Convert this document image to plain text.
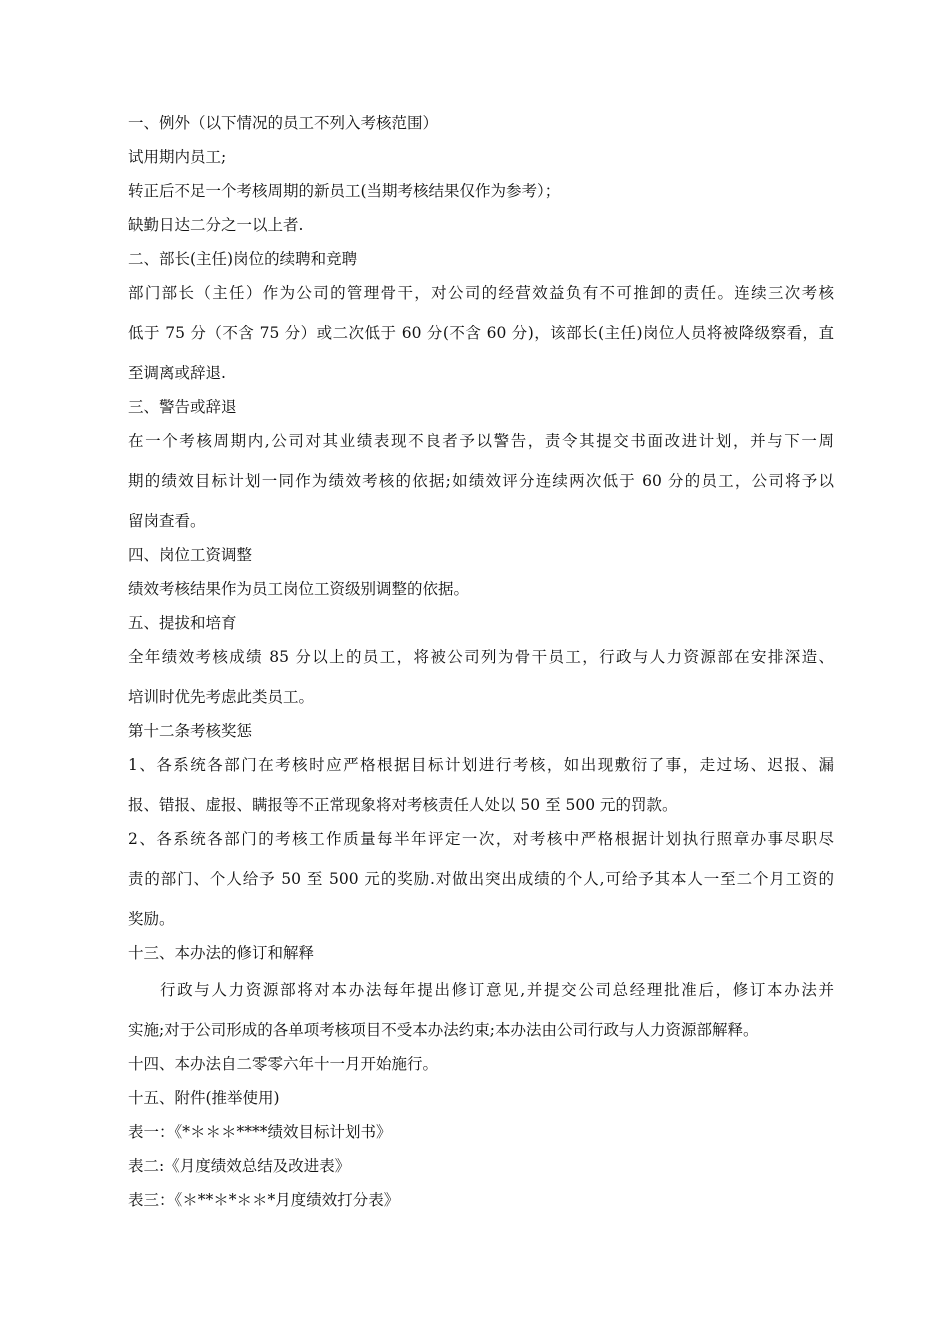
一、例外（以下情况的员工不列入考核范围）
试用期内员工;
转正后不足一个考核周期的新员工(当期考核结果仅作为参考）；
缺勤日达二分之一以上者.
二、部长(主任)岗位的续聘和竞聘
部门部长（主任）作为公司的管理骨干，对公司的经营效益负有不可推卸的责任。连续三次考核
低于 75 分（不含 75 分）或二次低于 60 分(不含 60 分)，该部长(主任)岗位人员将被降级察看，直
至调离或辞退.
三、警告或辞退
在一个考核周期内,公司对其业绩表现不良者予以警告，责令其提交书面改进计划，并与下一周
期的绩效目标计划一同作为绩效考核的依据;如绩效评分连续两次低于 60 分的员工，公司将予以
留岗查看。
四、岗位工资调整
绩效考核结果作为员工岗位工资级别调整的依据。
五、提拔和培育
全年绩效考核成绩 85 分以上的员工，将被公司列为骨干员工，行政与人力资源部在安排深造、
培训时优先考虑此类员工。
第十二条考核奖惩
1、各系统各部门在考核时应严格根据目标计划进行考核，如出现敷衍了事，走过场、迟报、漏
报、错报、虚报、瞒报等不正常现象将对考核责任人处以 50 至 500 元的罚款。
2、各系统各部门的考核工作质量每半年评定一次，对考核中严格根据计划执行照章办事尽职尽
责的部门、个人给予 50 至 500 元的奖励.对做出突出成绩的个人,可给予其本人一至二个月工资的
奖励。
十三、本办法的修订和解释
行政与人力资源部将对本办法每年提出修订意见,并提交公司总经理批准后，修订本办法并
实施;对于公司形成的各单项考核项目不受本办法约束;本办法由公司行政与人力资源部解释。
十四、本办法自二零零六年十一月开始施行。
十五、附件(推举使用)
表一：《*＊＊＊****绩效目标计划书》
表二:《月度绩效总结及改进表》
表三：《＊**＊*＊＊*月度绩效打分表》
